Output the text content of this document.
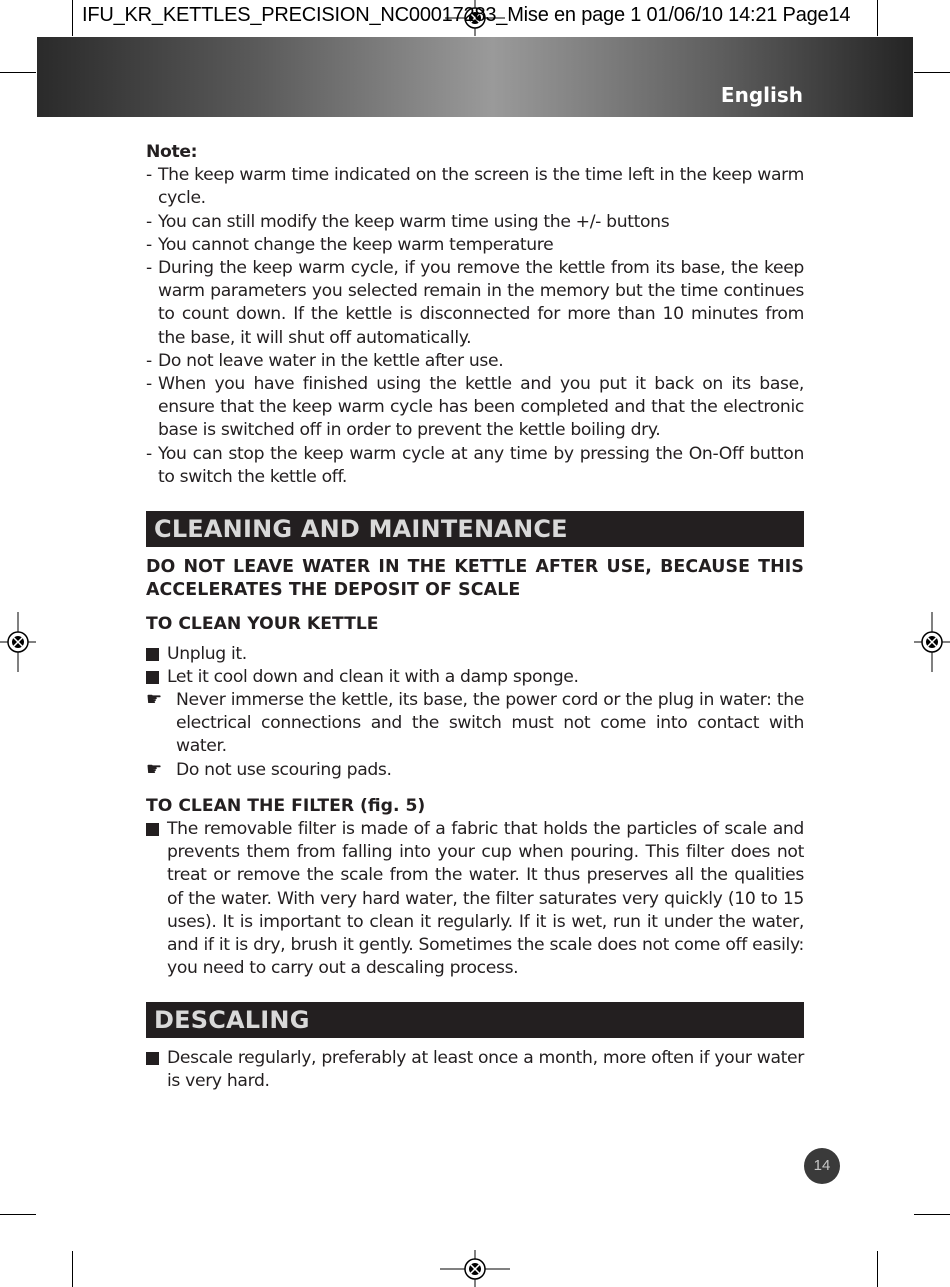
IFU_KR_KETTLES_PRECISION_NC00017283_Mise en page 1 01/06/10 14:21 Page14
English
Note:
- The keep warm time indicated on the screen is the time left in the keep warm cycle.
- You can still modify the keep warm time using the +/- buttons
- You cannot change the keep warm temperature
- During the keep warm cycle, if you remove the kettle from its base, the keep warm parameters you selected remain in the memory but the time continues to count down. If the kettle is disconnected for more than 10 minutes from the base, it will shut off automatically.
- Do not leave water in the kettle after use.
- When you have finished using the kettle and you put it back on its base, ensure that the keep warm cycle has been completed and that the electronic base is switched off in order to prevent the kettle boiling dry.
- You can stop the keep warm cycle at any time by pressing the On-Off button to switch the kettle off.
CLEANING AND MAINTENANCE
DO NOT LEAVE WATER IN THE KETTLE AFTER USE, BECAUSE THIS ACCELERATES THE DEPOSIT OF SCALE
TO CLEAN YOUR KETTLE
Unplug it.
Let it cool down and clean it with a damp sponge.
☛ Never immerse the kettle, its base, the power cord or the plug in water: the electrical connections and the switch must not come into contact with water.
☛ Do not use scouring pads.
TO CLEAN THE FILTER (fig. 5)
The removable filter is made of a fabric that holds the particles of scale and prevents them from falling into your cup when pouring. This filter does not treat or remove the scale from the water. It thus preserves all the qualities of the water. With very hard water, the filter saturates very quickly (10 to 15 uses). It is important to clean it regularly. If it is wet, run it under the water, and if it is dry, brush it gently. Sometimes the scale does not come off easily: you need to carry out a descaling process.
DESCALING
Descale regularly, preferably at least once a month, more often if your water is very hard.
14
